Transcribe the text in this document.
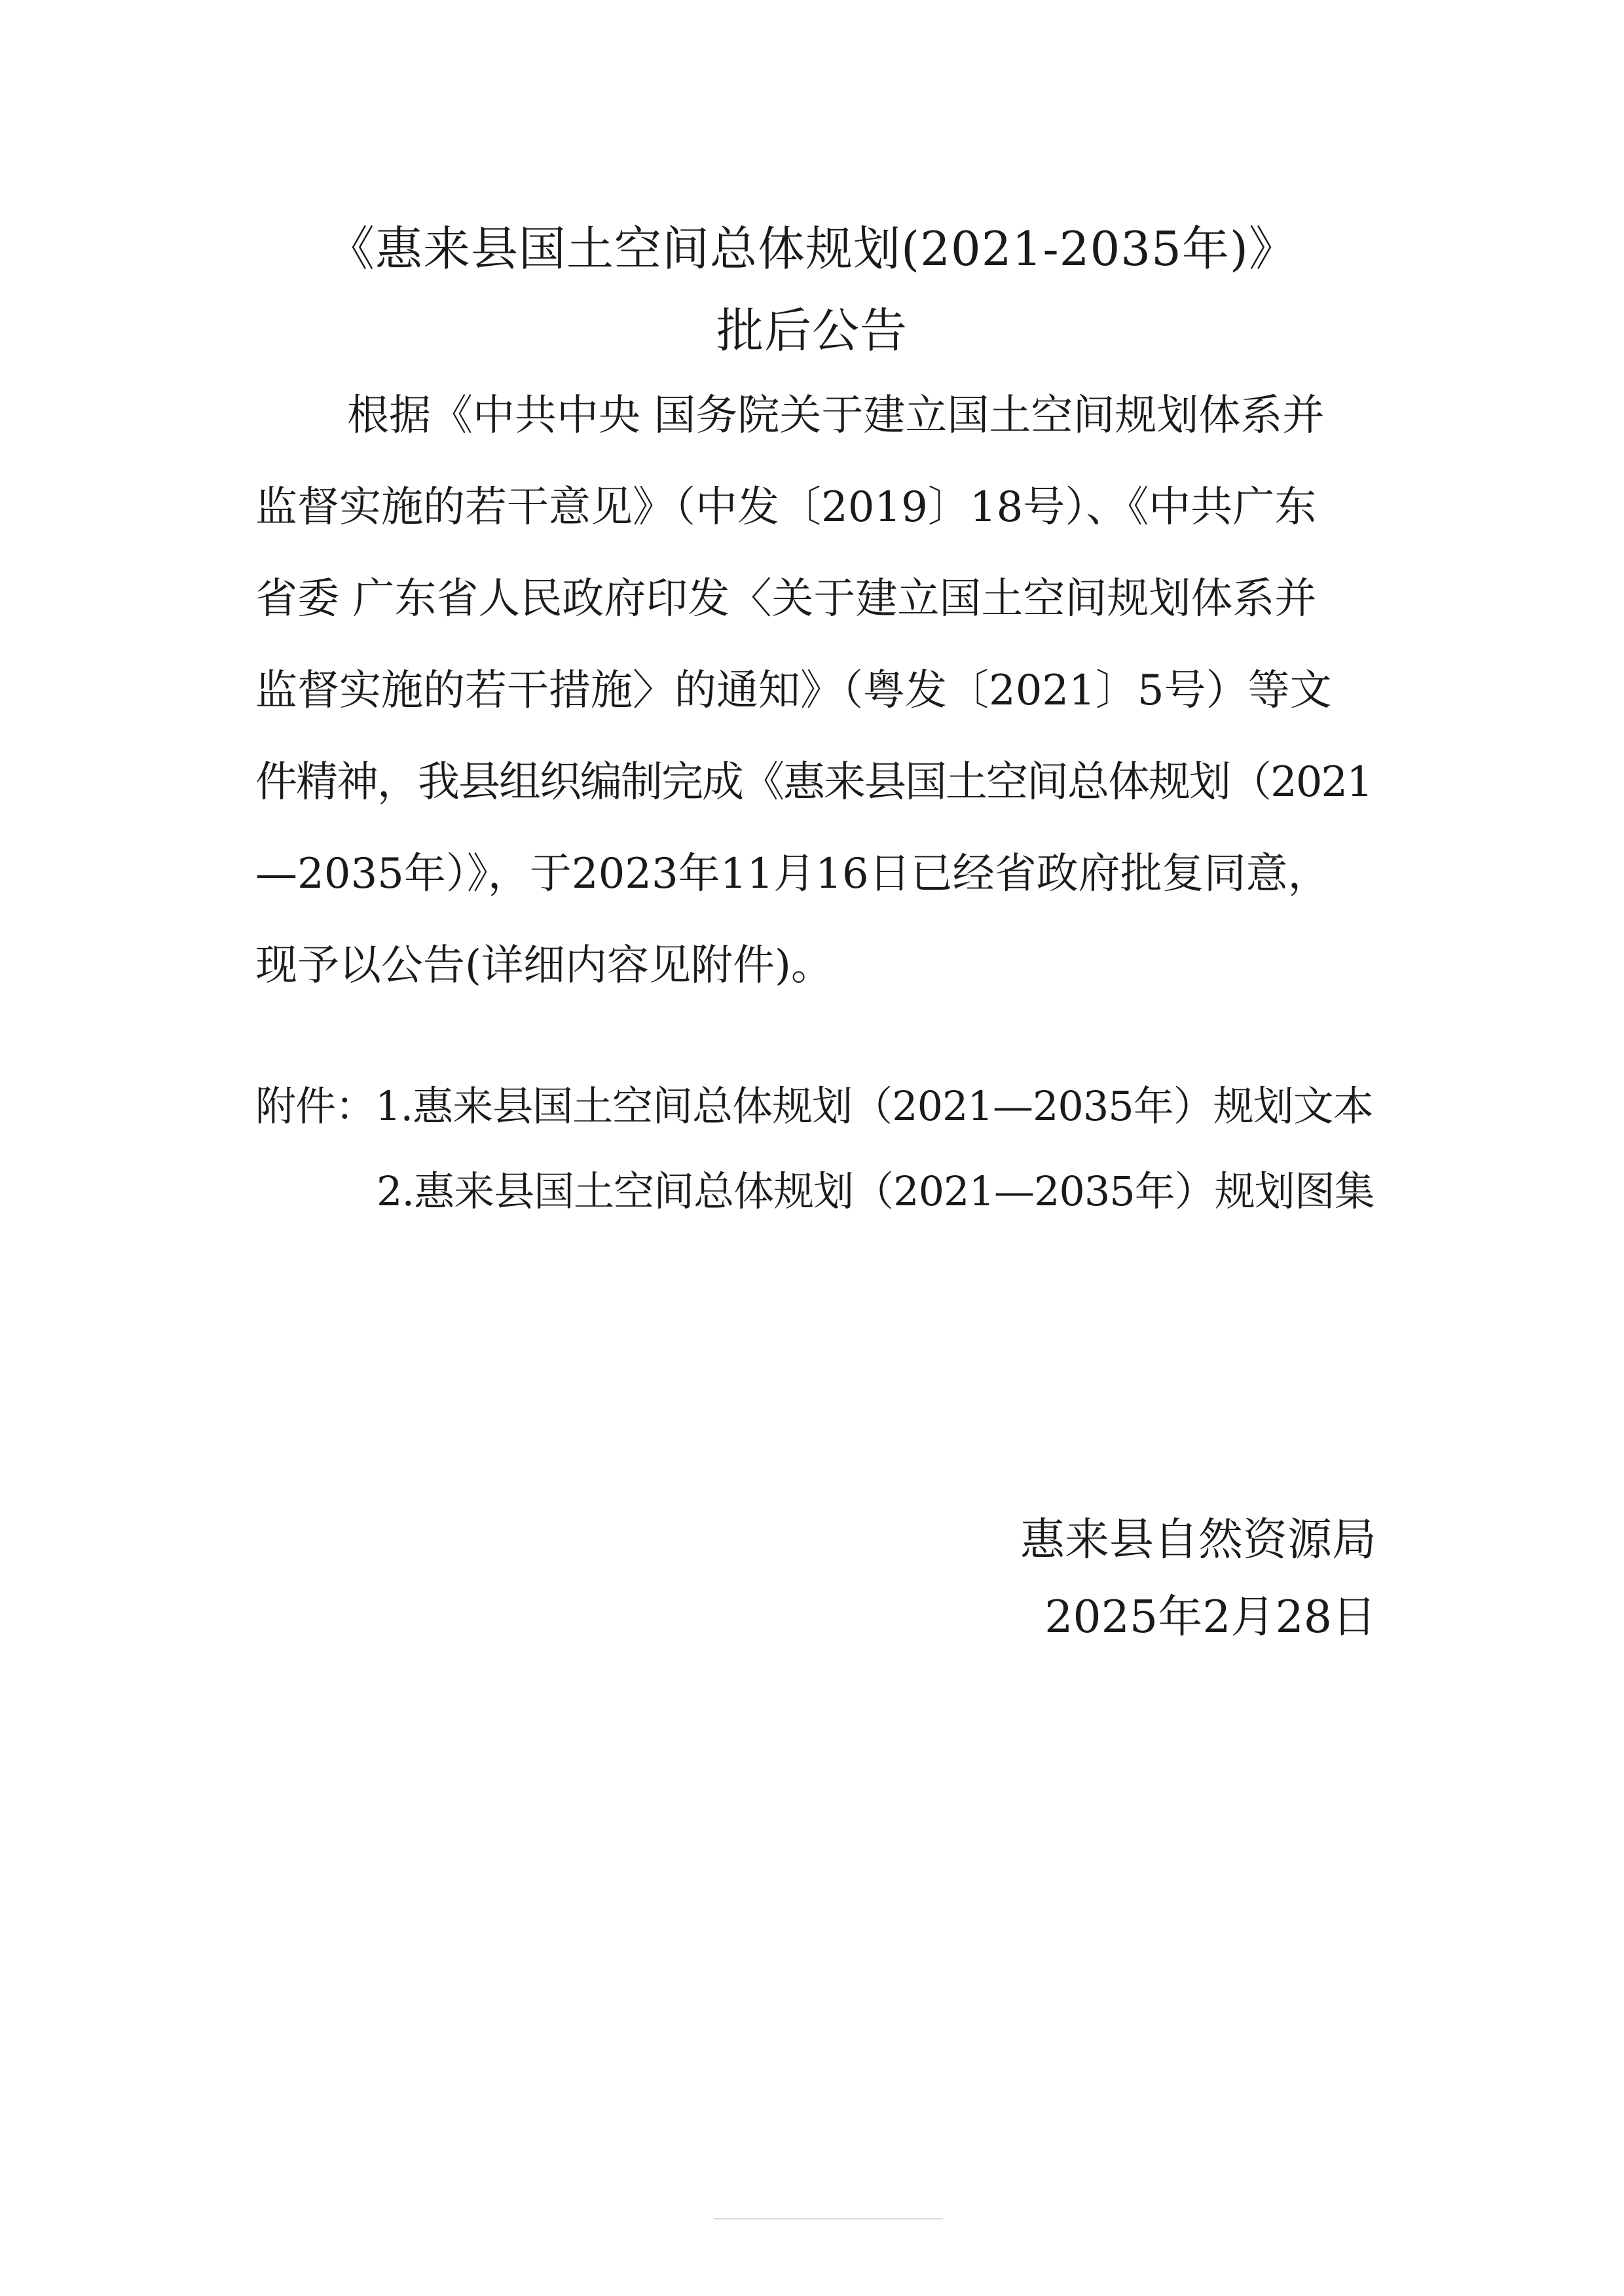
《惠来县国土空间总体规划(2021-2035年)》
批后公告
根据《中共中央 国务院关于建立国土空间规划体系并
监督实施的若干意见》（中发〔2019〕18号）、《中共广东
省委 广东省人民政府印发〈关于建立国土空间规划体系并
监督实施的若干措施〉的通知》（粤发〔2021〕5号）等文
件精神，我县组织编制完成《惠来县国土空间总体规划（2021
—2035年）》，于2023年11月16日已经省政府批复同意，
现予以公告(详细内容见附件)。
附件：1.惠来县国土空间总体规划（2021—2035年）规划文本
2.惠来县国土空间总体规划（2021—2035年）规划图集
惠来县自然资源局
2025年2月28日
